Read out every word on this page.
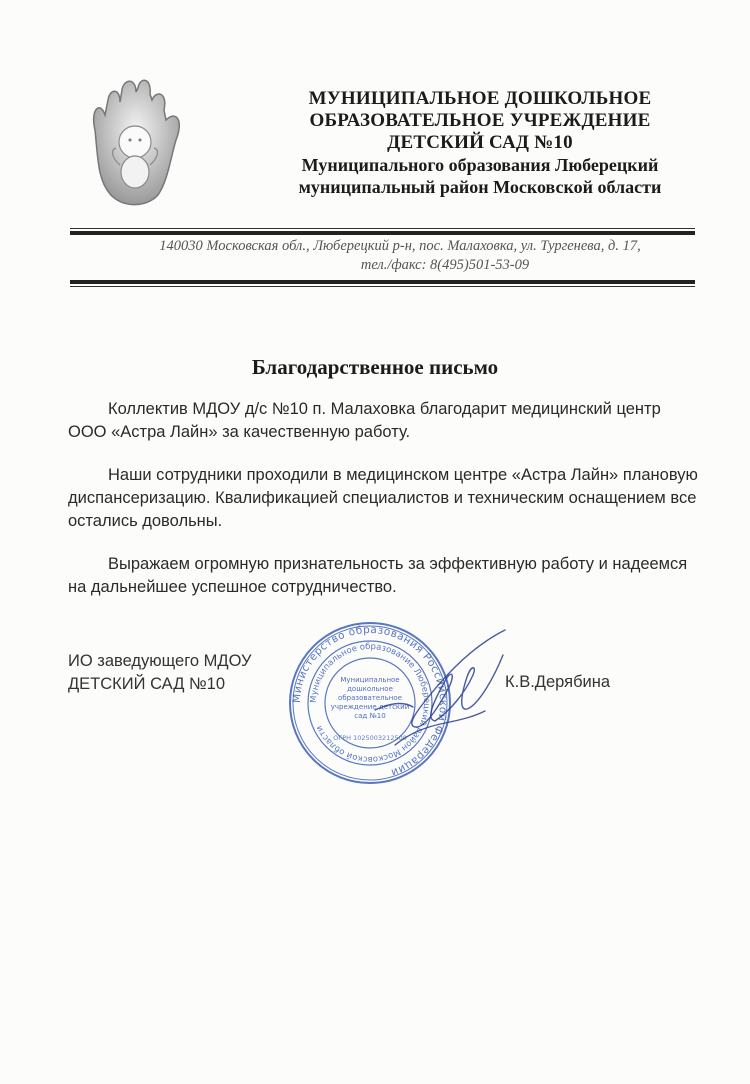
МУНИЦИПАЛЬНОЕ ДОШКОЛЬНОЕ
ОБРАЗОВАТЕЛЬНОЕ УЧРЕЖДЕНИЕ
ДЕТСКИЙ САД №10
Муниципального образования Люберецкий
муниципальный район Московской области
140030 Московская обл., Люберецкий р-н, пос. Малаховка, ул. Тургенева, д. 17,
тел./факс: 8(495)501-53-09
Благодарственное письмо

Коллектив МДОУ д/с №10 п. Малаховка благодарит медицинский центр ООО «Астра Лайн» за качественную работу.

Наши сотрудники проходили в медицинском центре «Астра Лайн» плановую диспансеризацию. Квалификацией специалистов и техническим оснащением все остались довольны.

Выражаем огромную признательность за эффективную работу и надеемся на дальнейшее успешное сотрудничество.

ИО заведующего МДОУ
ДЕТСКИЙ САД №10
Министерство образования Российской Федерации
Муниципальное образование Люберецкий район Московской области
Муниципальное дошкольное образовательное учреждение детский сад №10
ОГРН 1025003212500
К.В.Дерябина
